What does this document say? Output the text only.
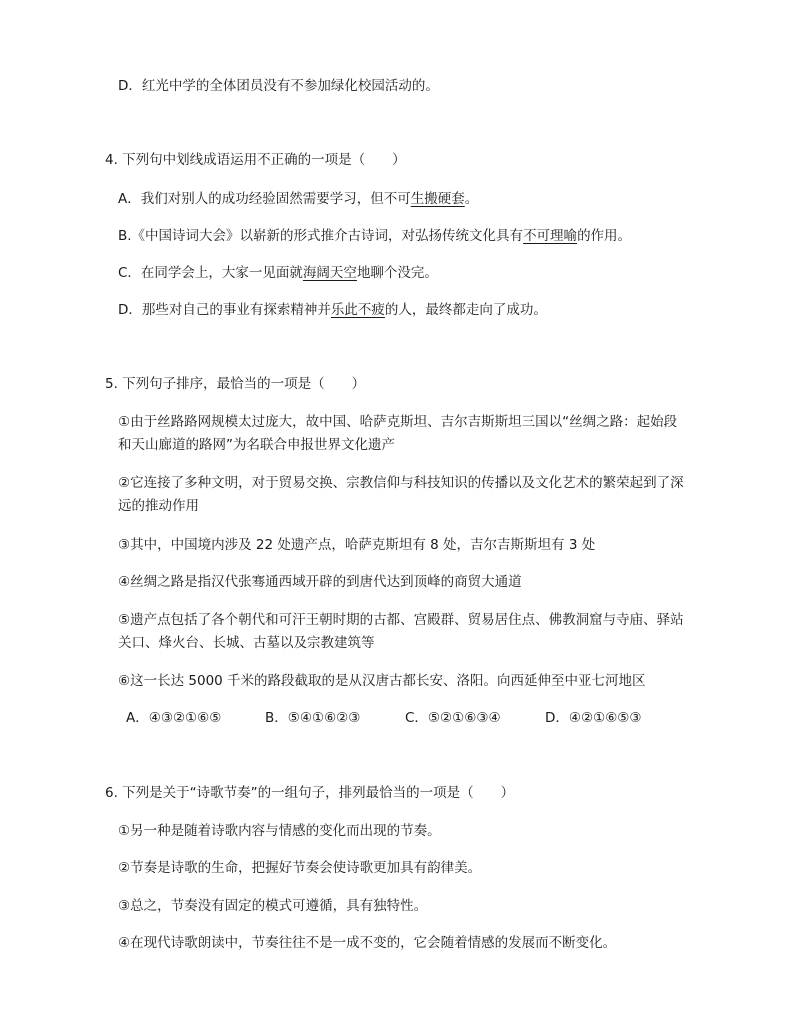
D．红光中学的全体团员没有不参加绿化校园活动的。
4. 下列句中划线成语运用不正确的一项是（　　）
A．我们对别人的成功经验固然需要学习，但不可生搬硬套。
B.《中国诗词大会》以崭新的形式推介古诗词，对弘扬传统文化具有不可理喻的作用。
C．在同学会上，大家一见面就海阔天空地聊个没完。
D．那些对自己的事业有探索精神并乐此不疲的人，最终都走向了成功。
5. 下列句子排序，最恰当的一项是（　　）
①由于丝路路网规模太过庞大，故中国、哈萨克斯坦、吉尔吉斯斯坦三国以“丝绸之路：起始段
和天山廊道的路网”为名联合申报世界文化遗产
②它连接了多种文明，对于贸易交换、宗教信仰与科技知识的传播以及文化艺术的繁荣起到了深
远的推动作用
③其中，中国境内涉及 22 处遗产点，哈萨克斯坦有 8 处，吉尔吉斯斯坦有 3 处
④丝绸之路是指汉代张骞通西域开辟的到唐代达到顶峰的商贸大通道
⑤遗产点包括了各个朝代和可汗王朝时期的古都、宫殿群、贸易居住点、佛教洞窟与寺庙、驿站
关口、烽火台、长城、古墓以及宗教建筑等
⑥这一长达 5000 千米的路段截取的是从汉唐古都长安、洛阳。向西延伸至中亚七河地区
A．④③②①⑥⑤	B．⑤④①⑥②③	C．⑤②①⑥③④	D．④②①⑥⑤③
6. 下列是关于“诗歌节奏”的一组句子，排列最恰当的一项是（　　）
①另一种是随着诗歌内容与情感的变化而出现的节奏。
②节奏是诗歌的生命，把握好节奏会使诗歌更加具有韵律美。
③总之，节奏没有固定的模式可遵循，具有独特性。
④在现代诗歌朗读中，节奏往往不是一成不变的，它会随着情感的发展而不断变化。
